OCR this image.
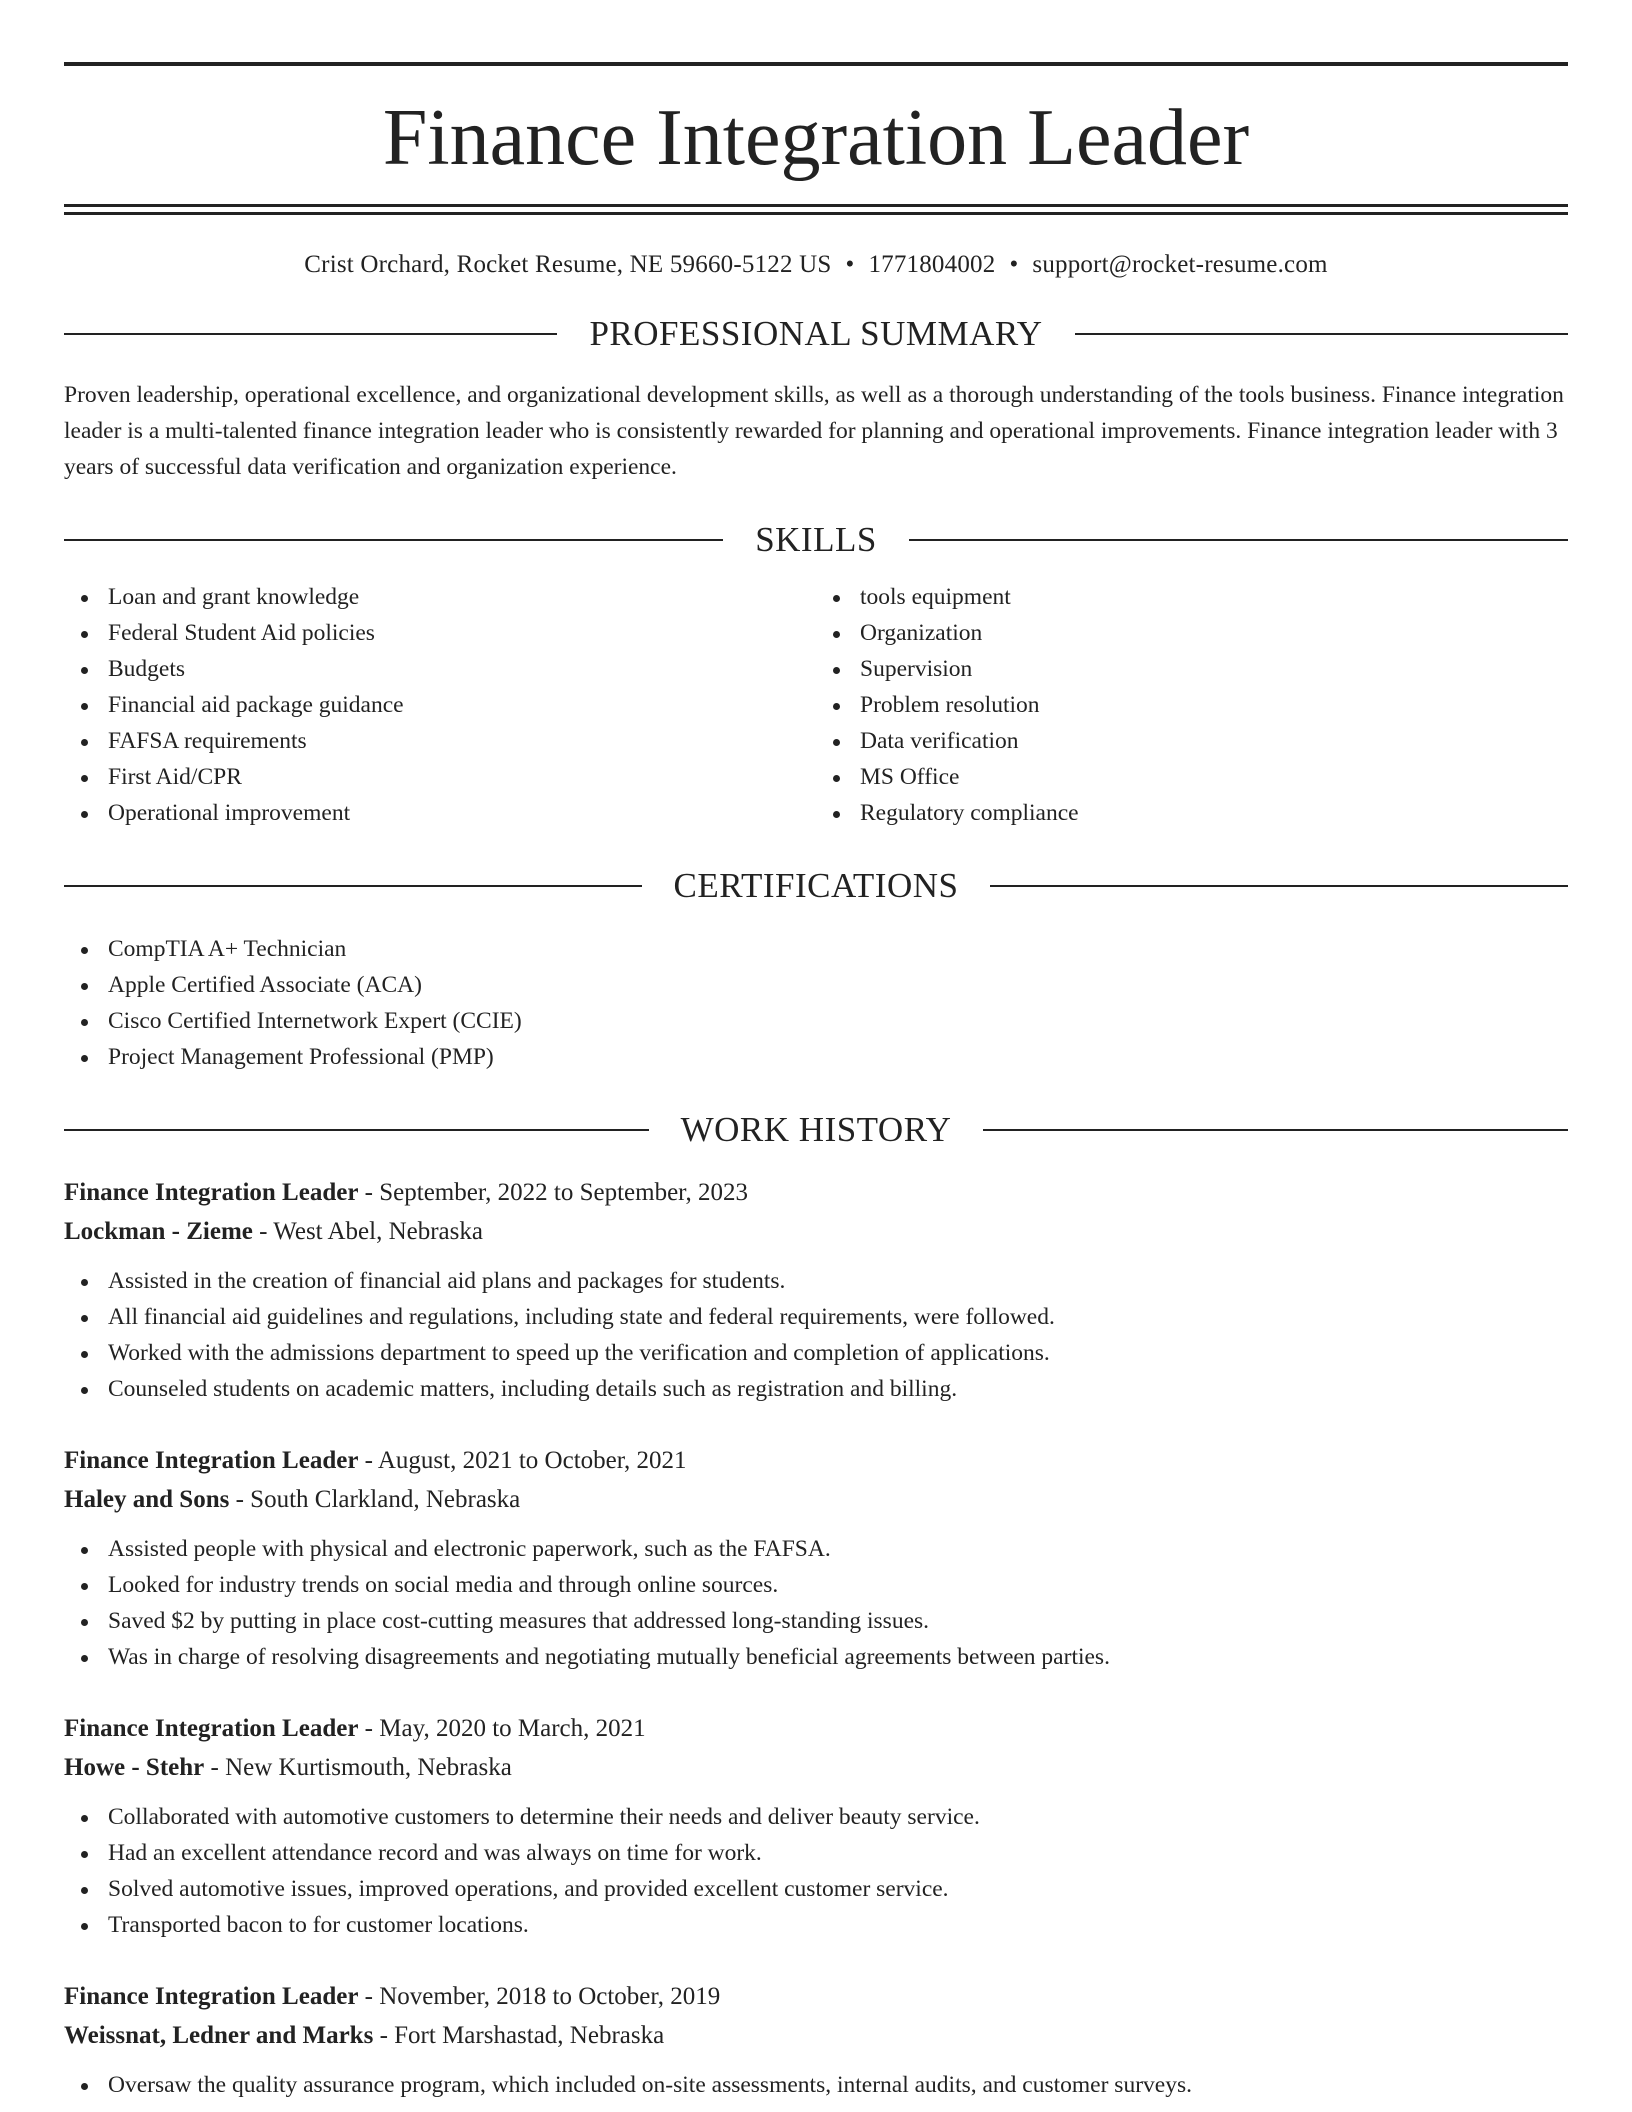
Finance Integration Leader
Crist Orchard, Rocket Resume, NE 59660-5122 US • 1771804002 • support@rocket-resume.com
PROFESSIONAL SUMMARY

Proven leadership, operational excellence, and organizational development skills, as well as a thorough understanding of the tools business. Finance integration leader is a multi-talented finance integration leader who is consistently rewarded for planning and operational improvements. Finance integration leader with 3 years of successful data verification and organization experience.

SKILLS
Loan and grant knowledge
Federal Student Aid policies
Budgets
Financial aid package guidance
FAFSA requirements
First Aid/CPR
Operational improvement
tools equipment
Organization
Supervision
Problem resolution
Data verification
MS Office
Regulatory compliance
CERTIFICATIONS
CompTIA A+ Technician
Apple Certified Associate (ACA)
Cisco Certified Internetwork Expert (CCIE)
Project Management Professional (PMP)
WORK HISTORY
Finance Integration Leader - September, 2022 to September, 2023
Lockman - Zieme - West Abel, Nebraska
Assisted in the creation of financial aid plans and packages for students.
All financial aid guidelines and regulations, including state and federal requirements, were followed.
Worked with the admissions department to speed up the verification and completion of applications.
Counseled students on academic matters, including details such as registration and billing.
Finance Integration Leader - August, 2021 to October, 2021
Haley and Sons - South Clarkland, Nebraska
Assisted people with physical and electronic paperwork, such as the FAFSA.
Looked for industry trends on social media and through online sources.
Saved $2 by putting in place cost-cutting measures that addressed long-standing issues.
Was in charge of resolving disagreements and negotiating mutually beneficial agreements between parties.
Finance Integration Leader - May, 2020 to March, 2021
Howe - Stehr - New Kurtismouth, Nebraska
Collaborated with automotive customers to determine their needs and deliver beauty service.
Had an excellent attendance record and was always on time for work.
Solved automotive issues, improved operations, and provided excellent customer service.
Transported bacon to for customer locations.
Finance Integration Leader - November, 2018 to October, 2019
Weissnat, Ledner and Marks - Fort Marshastad, Nebraska
Oversaw the quality assurance program, which included on-site assessments, internal audits, and customer surveys.
